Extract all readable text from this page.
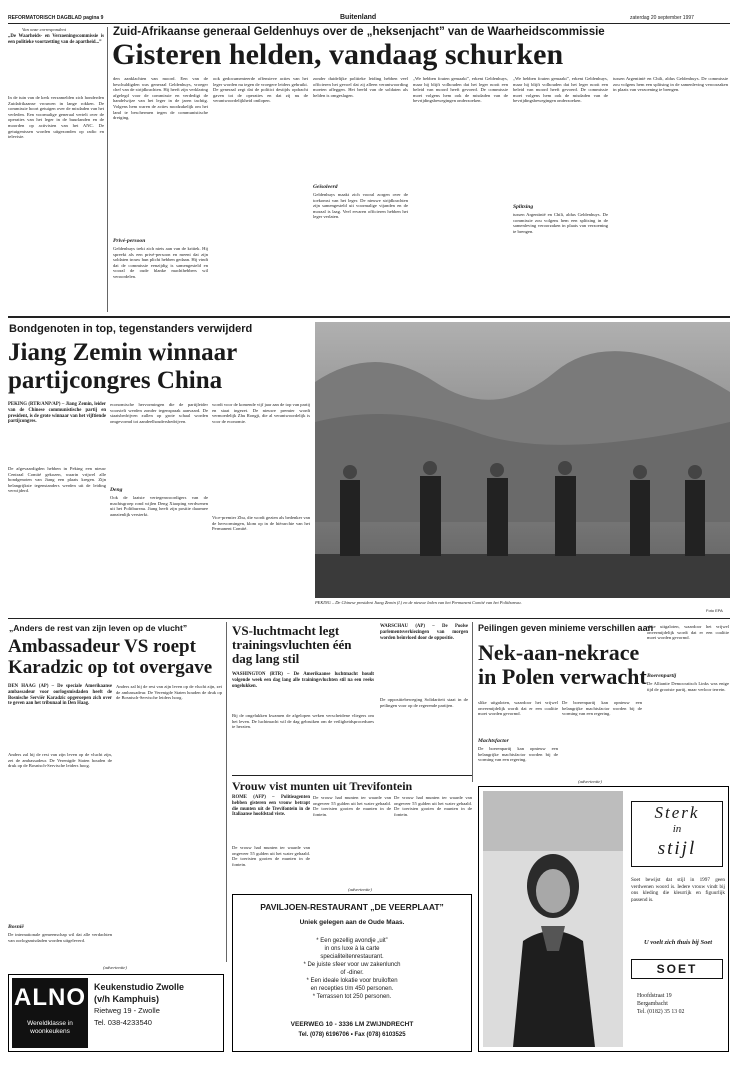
REFORMATORISCH DAGBLAD pagina 9	Buitenland	zaterdag 20 september 1997
Van onze correspondent
„De Waarheids- en Verzoeningscommissie is een politieke voortzetting van de apartheid...”
In de tuin van de kerk verzamelden zich honderden Zuidafrikaanse vrouwen in lange rokken. De commissie hoort getuigen over de misdaden van het verleden. Een voormalige generaal vertelt over de operaties van het leger in de buurlanden en de moorden op activisten van het ANC. De getuigenissen worden uitgezonden op radio en televisie.
Zuid-Afrikaanse generaal Geldenhuys over de „heksenjacht” van de Waarheidscommissie
Gisteren helden, vandaag schurken
den aanklachten van moord. Een van de beschuldigden was generaal Geldenhuys, vroeger chef van de strijdkrachten. Hij heeft zijn verklaring afgelegd voor de commissie en verdedigt de handelwijze van het leger in de jaren tachtig. Volgens hem waren de acties noodzakelijk om het land te beschermen tegen de communistische dreiging.
Privé-persoon
Geldenhuys trekt zich niets aan van de kritiek. Hij spreekt als een privé-persoon en meent dat zijn soldaten trouw hun plicht hebben gedaan. Hij vindt dat de commissie eenzijdig is samengesteld en vooral de oude blanke machthebbers wil veroordelen.
ook gedocumenteerde offensieve acties van het leger worden nu tegen de vroegere leiders gebruikt. De generaal zegt dat de politici destijds opdracht gaven tot de operaties en dat zij nu de verantwoordelijkheid ontlopen.
zonder duidelijke politieke leiding hebben veel officieren het gevoel dat zij alleen verantwoording moeten afleggen. Het beeld van de soldaten als helden is omgeslagen.
Geïsoleerd
Geldenhuys maakt zich vooral zorgen over de toekomst van het leger. De nieuwe strijdkrachten zijn samengesteld uit voormalige vijanden en de moraal is laag. Veel ervaren officieren hebben het leger verlaten.
„We hebben fouten gemaakt”, erkent Geldenhuys, maar hij blijft volhouden dat het leger nooit een beleid van moord heeft gevoerd. De commissie moet volgens hem ook de misdaden van de bevrijdingsbewegingen onderzoeken.
„We hebben fouten gemaakt”, erkent Geldenhuys, maar hij blijft volhouden dat het leger nooit een beleid van moord heeft gevoerd. De commissie moet volgens hem ook de misdaden van de bevrijdingsbewegingen onderzoeken.
Splitsing
tussen Argentinië en Chili, aldus Geldenhuys. De commissie zou volgens hem een splitsing in de samenleving veroorzaken in plaats van verzoening te brengen.
tussen Argentinië en Chili, aldus Geldenhuys. De commissie zou volgens hem een splitsing in de samenleving veroorzaken in plaats van verzoening te brengen.
Bondgenoten in top, tegenstanders verwijderd
Jiang Zemin winnaar partijcongres China
PEKING (RTR/ANP/AP) – Jiang Zemin, leider van de Chinese communistische partij en president, is de grote winnaar van het vijftiende partijcongres.
De afgevaardigden hebben in Peking een nieuw Centraal Comité gekozen, waarin vrijwel alle bondgenoten van Jiang een plaats kregen. Zijn belangrijkste tegenstanders werden uit de leiding verwijderd.
economische hervormingen die de partijleider voorstelt werden zonder tegenspraak aanvaard. De staatsbedrijven zullen op grote schaal worden omgevormd tot aandeelhoudersbedrijven.
Deng
Ook de laatste vertegenwoordigers van de machtsgroep rond wijlen Deng Xiaoping verdwenen uit het Politbureau. Jiang heeft zijn positie daarmee aanzienlijk versterkt.
wordt voor de komende vijf jaar aan de top van partij en staat ingezet. De nieuwe premier wordt vermoedelijk Zhu Rongji, die al verantwoordelijk is voor de economie.
Vice-premier Zhu, die wordt gezien als bedenker van de hervormingen, klom op in de hiërarchie van het Permanent Comité.
PEKING – De Chinese president Jiang Zemin (l.) en de nieuwe leden van het Permanent Comité van het Politbureau.
Foto EPA
„Anders de rest van zijn leven op de vlucht”
Ambassadeur VS roept Karadzic op tot overgave
DEN HAAG (AP) – De speciale Amerikaanse ambassadeur voor oorlogsmisdaden heeft de Bosnische Serviër Karadzic opgeroepen zich over te geven aan het tribunaal in Den Haag.
Anders zal hij de rest van zijn leven op de vlucht zijn, zei de ambassadeur. De Verenigde Staten houden de druk op de Bosnisch-Servische leiders hoog.
Bosnië
De internationale gemeenschap wil dat alle verdachten van oorlogsmisdaden worden uitgeleverd.
Anders zal hij de rest van zijn leven op de vlucht zijn, zei de ambassadeur. De Verenigde Staten houden de druk op de Bosnisch-Servische leiders hoog.
VS-luchtmacht legt trainingsvluchten één dag lang stil
WASHINGTON (RTR) – De Amerikaanse luchtmacht houdt volgende week een dag lang alle trainingsvluchten stil na een reeks ongelukken.
Bij de ongelukken kwamen de afgelopen weken verscheidene vliegers om het leven. De luchtmacht wil de dag gebruiken om de veiligheidsprocedures te herzien.
WARSCHAU (AP) – De Poolse parlementsverkiezingen van morgen worden beïnvloed door de oppositie.
De oppositiebeweging Solidariteit staat in de peilingen voor op de regerende partijen.
Peilingen geven minieme verschillen aan
Nek-aan-nekrace in Polen verwacht
slike uitgaloten, waardoor het vrijwel onvermijdelijk wordt dat er een coalitie moet worden gevormd.
Machtsfactor
De boerenpartij kan opnieuw een belangrijke machtsfactor worden bij de vorming van een regering.
De boerenpartij kan opnieuw een belangrijke machtsfactor worden bij de vorming van een regering.
slike uitgaloten, waardoor het vrijwel onvermijdelijk wordt dat er een coalitie moet worden gevormd.
Boerenpartij
De Alliantie Democratisch Links was enige tijd de grootste partij, maar verloor terrein.
Vrouw vist munten uit Trevifontein
ROME (AFP) – Politieagenten hebben gisteren een vrouw betrapt die munten uit de Trevifontein in de Italiaanse hoofdstad viste.
De vrouw had munten ter waarde van ongeveer 55 gulden uit het water gehaald. De toeristen gooien de munten in de fontein.
De vrouw had munten ter waarde van ongeveer 55 gulden uit het water gehaald. De toeristen gooien de munten in de fontein.
De vrouw had munten ter waarde van ongeveer 55 gulden uit het water gehaald. De toeristen gooien de munten in de fontein.
(advertentie)
(advertentie)
(advertentie)
PAVILJOEN-RESTAURANT „DE VEERPLAAT”
Uniek gelegen aan de Oude Maas.
* Een gezellig avondje „uit”
in ons luxe à la carte
specialiteitenrestaurant.
* De juiste sfeer voor uw zakenlunch
of -diner.
* Een ideale lokatie voor bruiloften
en recepties t/m 450 personen.
* Terrassen tot 250 personen.
VEERWEG 10 - 3336 LM ZWIJNDRECHT
Tel. (078) 6196706 • Fax (078) 6103525
ALNO
Wereldklasse in woonkeukens
Keukenstudio Zwolle
(v/h Kamphuis)
Rietweg 19 - Zwolle
Tel. 038-4233540
Sterk
in
stijl
Soet bewijst dat stijl in 1997 geen verdwenen woord is. Iedere vrouw vindt bij ons kleding die kleurrijk en figuurlijk passend is.
U voelt zich thuis bij Soet
SOET
Hoofdstraat 19
Bergambacht
Tel. (0182) 35 13 02
